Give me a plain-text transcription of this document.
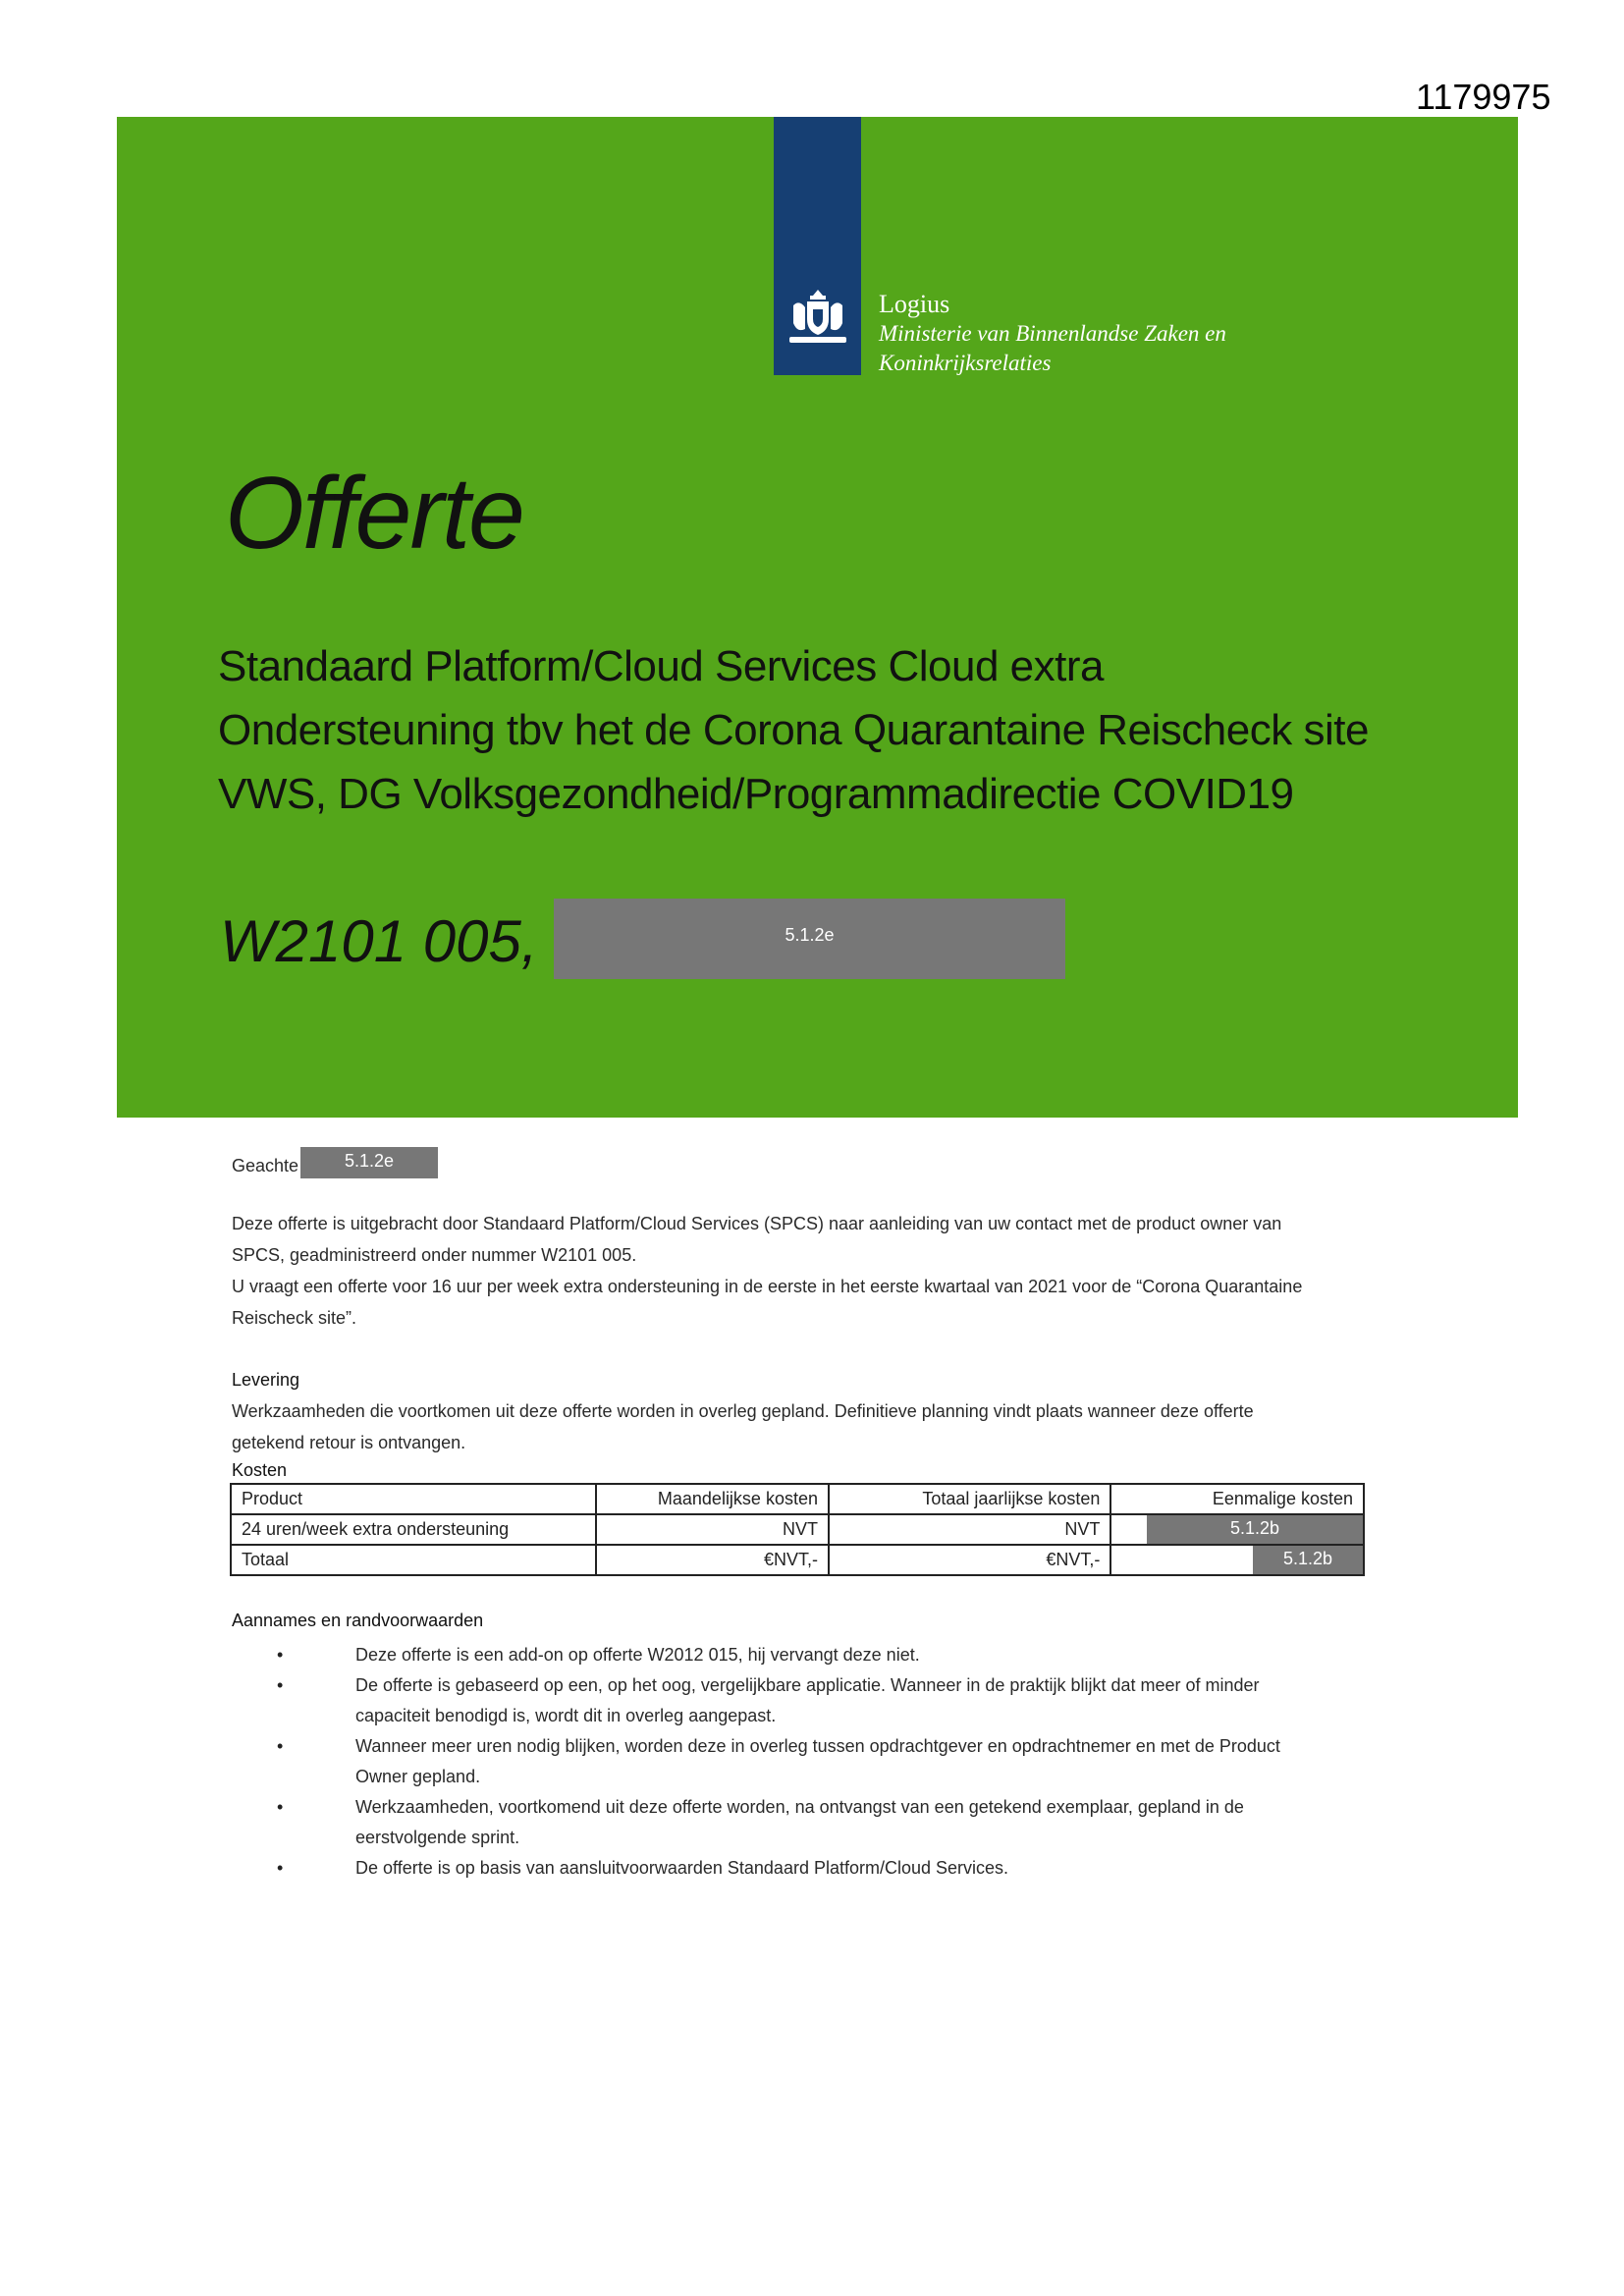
1179975
Logius
Ministerie van Binnenlandse Zaken en
Koninkrijksrelaties
Offerte
Standaard Platform/Cloud Services Cloud extra
Ondersteuning tbv het de Corona Quarantaine Reischeck site
VWS, DG Volksgezondheid/Programmadirectie COVID19
W2101 005,	5.1.2e
Geachte	5.1.2e
Deze offerte is uitgebracht door Standaard Platform/Cloud Services (SPCS) naar aanleiding van uw contact met de product owner van
SPCS, geadministreerd onder nummer W2101 005.
U vraagt een offerte voor 16 uur per week extra ondersteuning in de eerste in het eerste kwartaal van 2021 voor de “Corona Quarantaine
Reischeck site”.
Levering
Werkzaamheden die voortkomen uit deze offerte worden in overleg gepland. Definitieve planning vindt plaats wanneer deze offerte
getekend retour is ontvangen.
Kosten
Product	Maandelijkse kosten	Totaal jaarlijkse kosten	Eenmalige kosten
24 uren/week extra ondersteuning	NVT	NVT	5.1.2b

Totaal	€NVT,-	€NVT,-	5.1.2b
Aannames en randvoorwaarden
• Deze offerte is een add-on op offerte W2012 015, hij vervangt deze niet.
• De offerte is gebaseerd op een, op het oog, vergelijkbare applicatie. Wanneer in de praktijk blijkt dat meer of minder
capaciteit benodigd is, wordt dit in overleg aangepast.
• Wanneer meer uren nodig blijken, worden deze in overleg tussen opdrachtgever en opdrachtnemer en met de Product
Owner gepland.
• Werkzaamheden, voortkomend uit deze offerte worden, na ontvangst van een getekend exemplaar, gepland in de
eerstvolgende sprint.
• De offerte is op basis van aansluitvoorwaarden Standaard Platform/Cloud Services.
